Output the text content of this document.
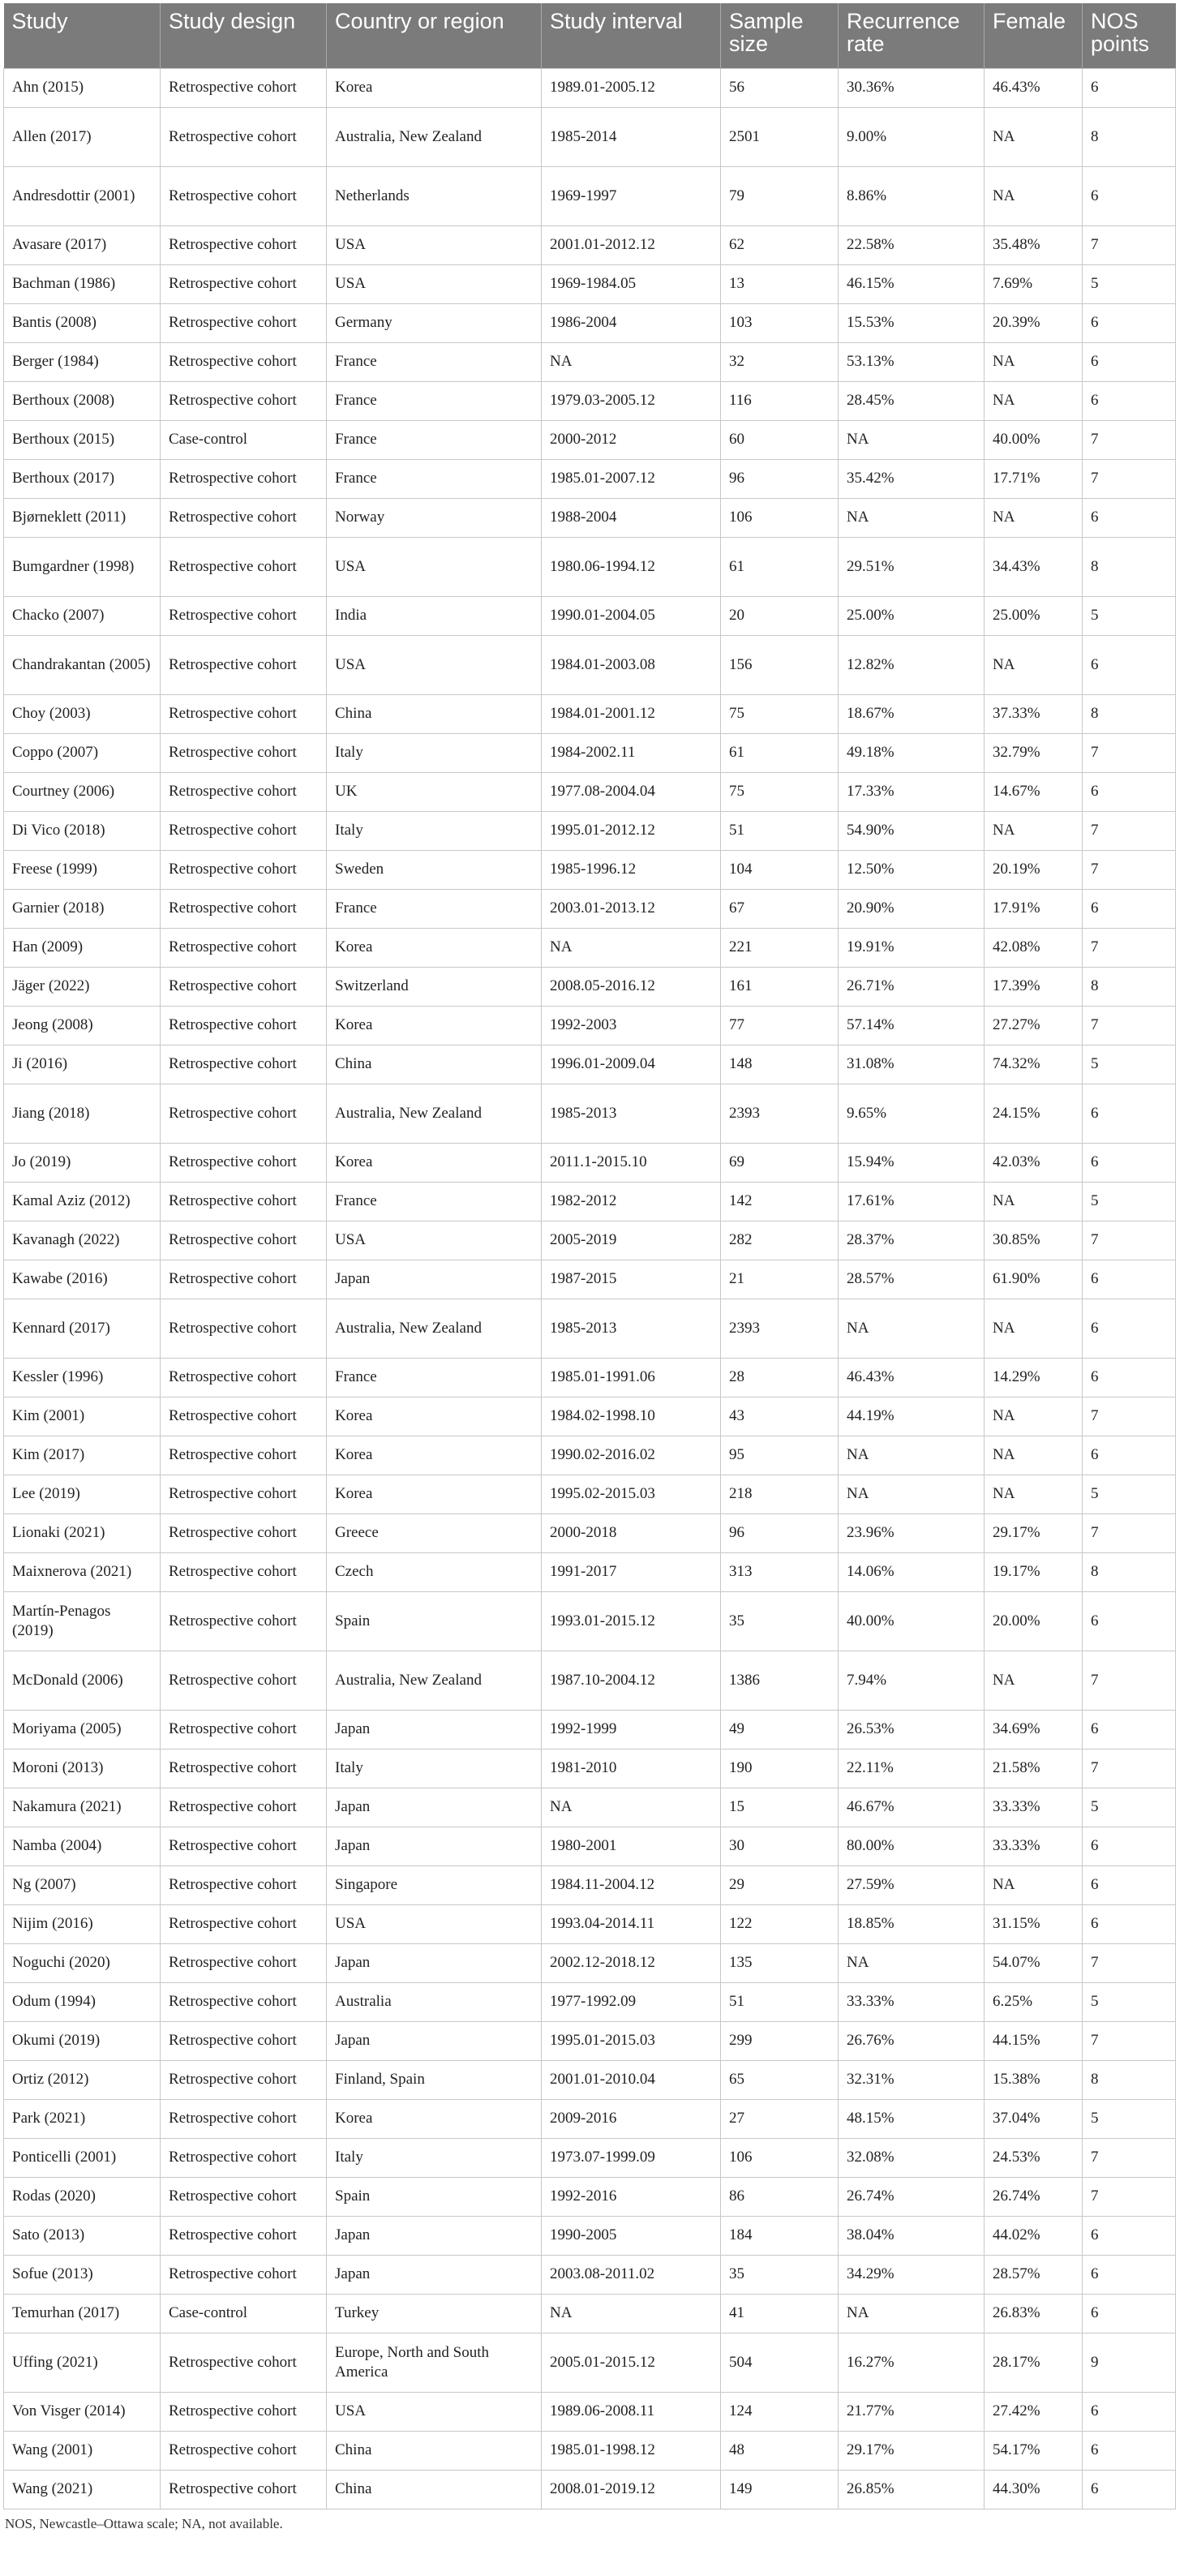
Study	Study design	Country or region	Study interval	Sample size	Recurrence rate	Female	NOS points
Ahn (2015)	Retrospective cohort	Korea	1989.01-2005.12	56	30.36%	46.43%	6
Allen (2017)	Retrospective cohort	Australia, New Zealand	1985-2014	2501	9.00%	NA	8
Andresdottir (2001)	Retrospective cohort	Netherlands	1969-1997	79	8.86%	NA	6
Avasare (2017)	Retrospective cohort	USA	2001.01-2012.12	62	22.58%	35.48%	7
Bachman (1986)	Retrospective cohort	USA	1969-1984.05	13	46.15%	7.69%	5
Bantis (2008)	Retrospective cohort	Germany	1986-2004	103	15.53%	20.39%	6
Berger (1984)	Retrospective cohort	France	NA	32	53.13%	NA	6
Berthoux (2008)	Retrospective cohort	France	1979.03-2005.12	116	28.45%	NA	6
Berthoux (2015)	Case-control	France	2000-2012	60	NA	40.00%	7
Berthoux (2017)	Retrospective cohort	France	1985.01-2007.12	96	35.42%	17.71%	7
Bjørneklett (2011)	Retrospective cohort	Norway	1988-2004	106	NA	NA	6
Bumgardner (1998)	Retrospective cohort	USA	1980.06-1994.12	61	29.51%	34.43%	8
Chacko (2007)	Retrospective cohort	India	1990.01-2004.05	20	25.00%	25.00%	5
Chandrakantan (2005)	Retrospective cohort	USA	1984.01-2003.08	156	12.82%	NA	6
Choy (2003)	Retrospective cohort	China	1984.01-2001.12	75	18.67%	37.33%	8
Coppo (2007)	Retrospective cohort	Italy	1984-2002.11	61	49.18%	32.79%	7
Courtney (2006)	Retrospective cohort	UK	1977.08-2004.04	75	17.33%	14.67%	6
Di Vico (2018)	Retrospective cohort	Italy	1995.01-2012.12	51	54.90%	NA	7
Freese (1999)	Retrospective cohort	Sweden	1985-1996.12	104	12.50%	20.19%	7
Garnier (2018)	Retrospective cohort	France	2003.01-2013.12	67	20.90%	17.91%	6
Han (2009)	Retrospective cohort	Korea	NA	221	19.91%	42.08%	7
Jäger (2022)	Retrospective cohort	Switzerland	2008.05-2016.12	161	26.71%	17.39%	8
Jeong (2008)	Retrospective cohort	Korea	1992-2003	77	57.14%	27.27%	7
Ji (2016)	Retrospective cohort	China	1996.01-2009.04	148	31.08%	74.32%	5
Jiang (2018)	Retrospective cohort	Australia, New Zealand	1985-2013	2393	9.65%	24.15%	6
Jo (2019)	Retrospective cohort	Korea	2011.1-2015.10	69	15.94%	42.03%	6
Kamal Aziz (2012)	Retrospective cohort	France	1982-2012	142	17.61%	NA	5
Kavanagh (2022)	Retrospective cohort	USA	2005-2019	282	28.37%	30.85%	7
Kawabe (2016)	Retrospective cohort	Japan	1987-2015	21	28.57%	61.90%	6
Kennard (2017)	Retrospective cohort	Australia, New Zealand	1985-2013	2393	NA	NA	6
Kessler (1996)	Retrospective cohort	France	1985.01-1991.06	28	46.43%	14.29%	6
Kim (2001)	Retrospective cohort	Korea	1984.02-1998.10	43	44.19%	NA	7
Kim (2017)	Retrospective cohort	Korea	1990.02-2016.02	95	NA	NA	6
Lee (2019)	Retrospective cohort	Korea	1995.02-2015.03	218	NA	NA	5
Lionaki (2021)	Retrospective cohort	Greece	2000-2018	96	23.96%	29.17%	7
Maixnerova (2021)	Retrospective cohort	Czech	1991-2017	313	14.06%	19.17%	8
Martín-Penagos (2019)	Retrospective cohort	Spain	1993.01-2015.12	35	40.00%	20.00%	6
McDonald (2006)	Retrospective cohort	Australia, New Zealand	1987.10-2004.12	1386	7.94%	NA	7
Moriyama (2005)	Retrospective cohort	Japan	1992-1999	49	26.53%	34.69%	6
Moroni (2013)	Retrospective cohort	Italy	1981-2010	190	22.11%	21.58%	7
Nakamura (2021)	Retrospective cohort	Japan	NA	15	46.67%	33.33%	5
Namba (2004)	Retrospective cohort	Japan	1980-2001	30	80.00%	33.33%	6
Ng (2007)	Retrospective cohort	Singapore	1984.11-2004.12	29	27.59%	NA	6
Nijim (2016)	Retrospective cohort	USA	1993.04-2014.11	122	18.85%	31.15%	6
Noguchi (2020)	Retrospective cohort	Japan	2002.12-2018.12	135	NA	54.07%	7
Odum (1994)	Retrospective cohort	Australia	1977-1992.09	51	33.33%	6.25%	5
Okumi (2019)	Retrospective cohort	Japan	1995.01-2015.03	299	26.76%	44.15%	7
Ortiz (2012)	Retrospective cohort	Finland, Spain	2001.01-2010.04	65	32.31%	15.38%	8
Park (2021)	Retrospective cohort	Korea	2009-2016	27	48.15%	37.04%	5
Ponticelli (2001)	Retrospective cohort	Italy	1973.07-1999.09	106	32.08%	24.53%	7
Rodas (2020)	Retrospective cohort	Spain	1992-2016	86	26.74%	26.74%	7
Sato (2013)	Retrospective cohort	Japan	1990-2005	184	38.04%	44.02%	6
Sofue (2013)	Retrospective cohort	Japan	2003.08-2011.02	35	34.29%	28.57%	6
Temurhan (2017)	Case-control	Turkey	NA	41	NA	26.83%	6
Uffing (2021)	Retrospective cohort	Europe, North and South America	2005.01-2015.12	504	16.27%	28.17%	9
Von Visger (2014)	Retrospective cohort	USA	1989.06-2008.11	124	21.77%	27.42%	6
Wang (2001)	Retrospective cohort	China	1985.01-1998.12	48	29.17%	54.17%	6
Wang (2021)	Retrospective cohort	China	2008.01-2019.12	149	26.85%	44.30%	6
NOS, Newcastle–Ottawa scale; NA, not available.
